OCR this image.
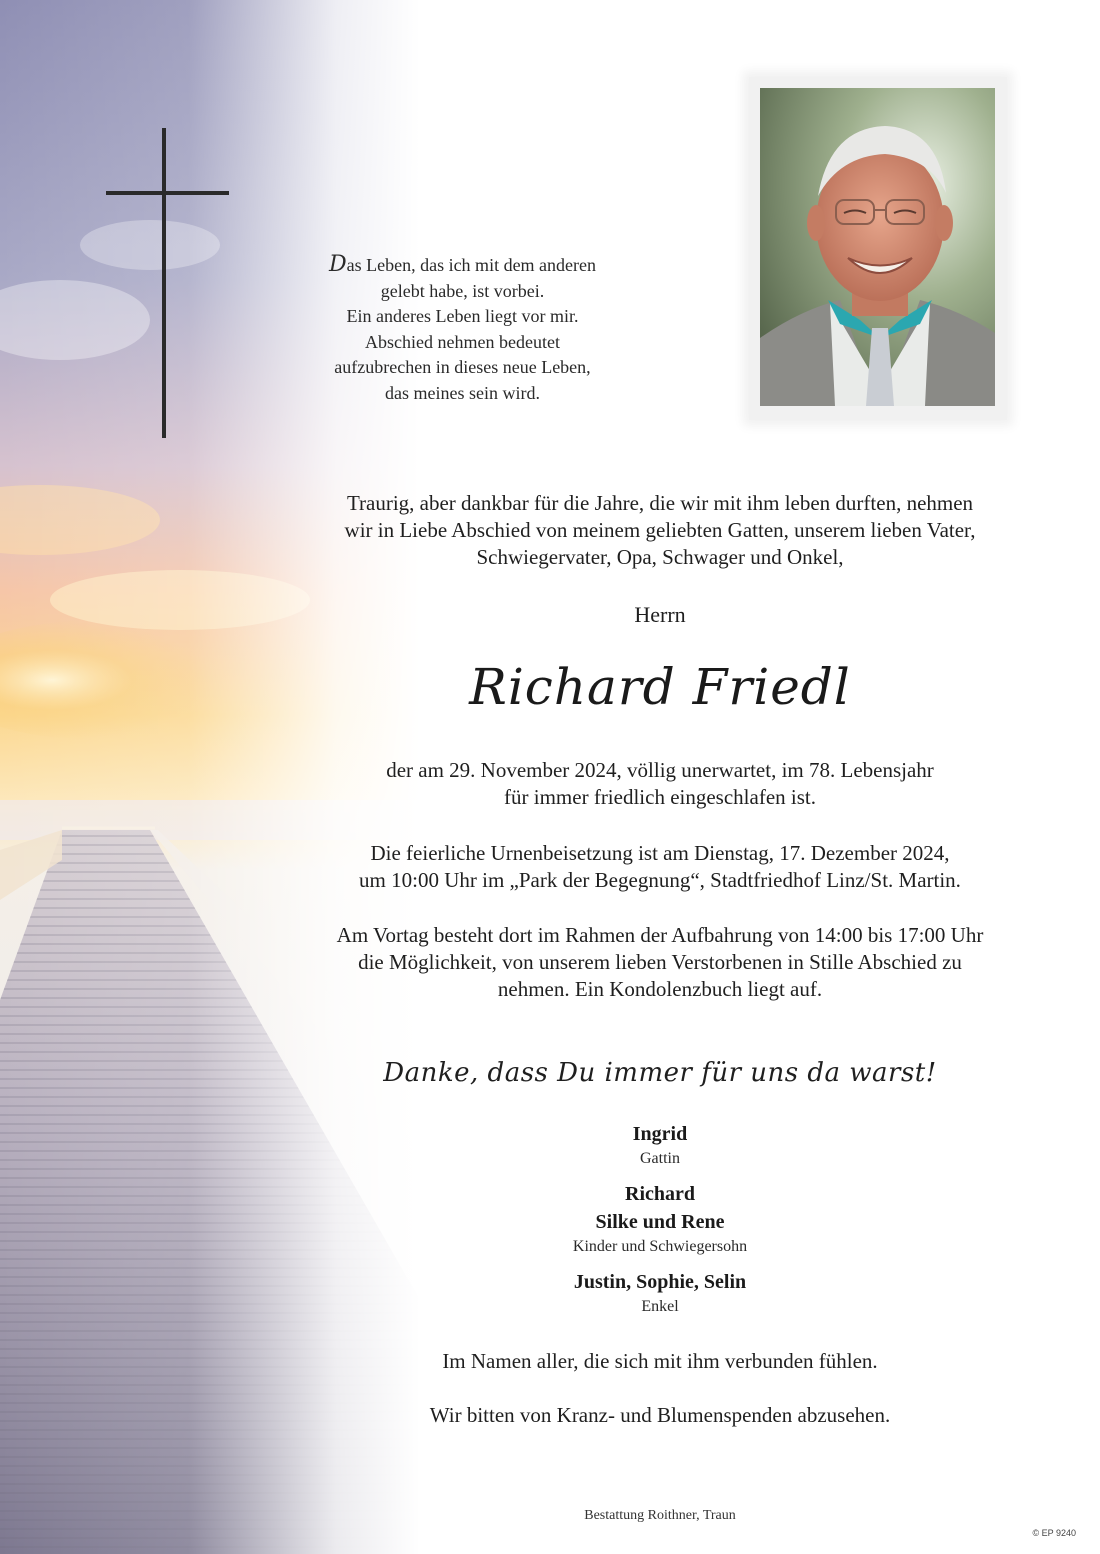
Das Leben, das ich mit dem anderen
gelebt habe, ist vorbei.
Ein anderes Leben liegt vor mir.
Abschied nehmen bedeutet
aufzubrechen in dieses neue Leben,
das meines sein wird.
Traurig, aber dankbar für die Jahre, die wir mit ihm leben durften, nehmen
wir in Liebe Abschied von meinem geliebten Gatten, unserem lieben Vater,
Schwiegervater, Opa, Schwager und Onkel,
Herrn
Richard Friedl
der am 29. November 2024, völlig unerwartet, im 78. Lebensjahr
für immer friedlich eingeschlafen ist.
Die feierliche Urnenbeisetzung ist am Dienstag, 17. Dezember 2024,
um 10:00 Uhr im „Park der Begegnung“, Stadtfriedhof Linz/St. Martin.
Am Vortag besteht dort im Rahmen der Aufbahrung von 14:00 bis 17:00 Uhr
die Möglichkeit, von unserem lieben Verstorbenen in Stille Abschied zu
nehmen. Ein Kondolenzbuch liegt auf.
Danke, dass Du immer für uns da warst!
Ingrid
Gattin
Richard
Silke und Rene
Kinder und Schwiegersohn
Justin, Sophie, Selin
Enkel
Im Namen aller, die sich mit ihm verbunden fühlen.
Wir bitten von Kranz- und Blumenspenden abzusehen.
Bestattung Roithner, Traun
© EP 9240
